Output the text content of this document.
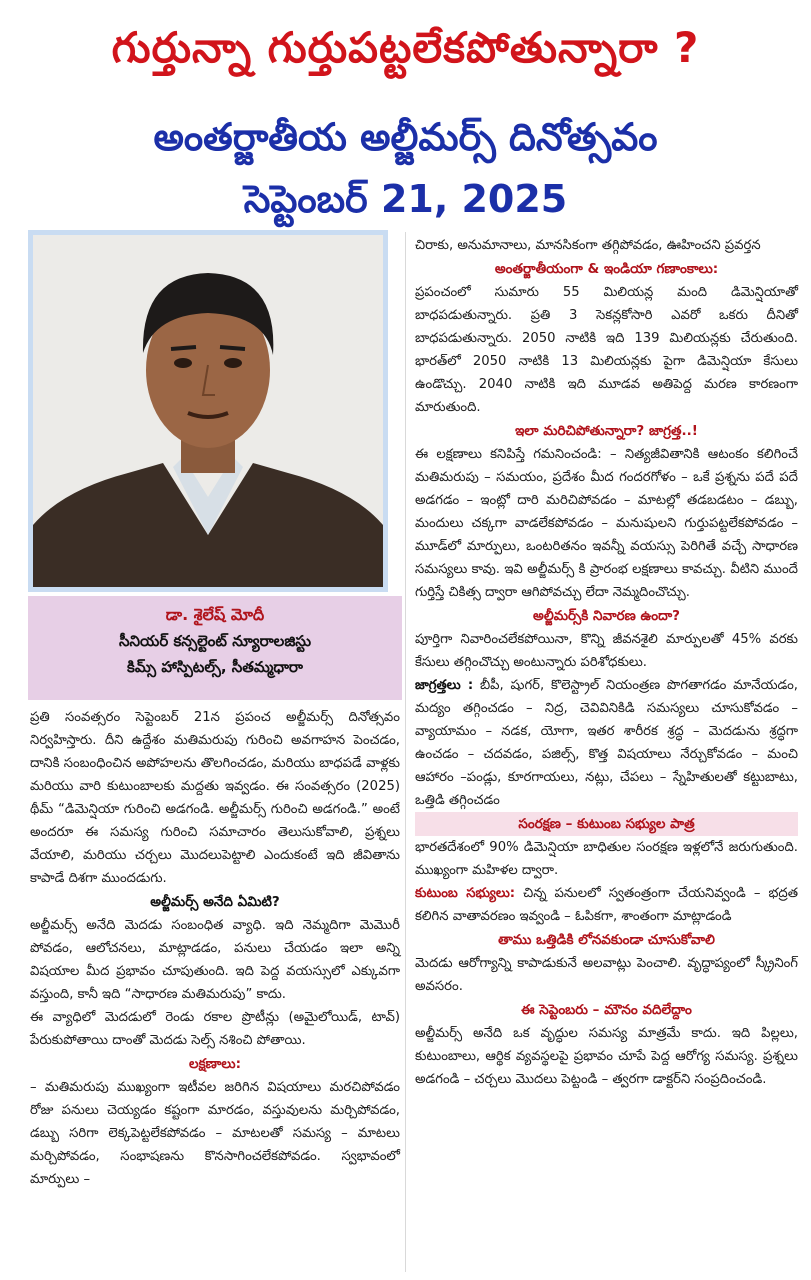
గుర్తున్నా గుర్తుపట్టలేకపోతున్నారా ?
అంతర్జాతీయ అల్జీమర్స్ దినోత్సవం
సెప్టెంబర్ 21, 2025
డా. శైలేష్ మోదీ
సీనియర్ కన్సల్టెంట్ న్యూరాలజిస్టు
కిమ్స్ హాస్పిటల్స్, సీతమ్మధారా

ప్రతి సంవత్సరం సెప్టెంబర్ 21న ప్రపంచ అల్జీమర్స్ దినోత్సవం నిర్వహిస్తారు. దీని ఉద్దేశం మతిమరుపు గురించి అవగాహన పెంచడం, దానికి సంబంధించిన అపోహలను తొలగించడం, మరియు బాధపడే వాళ్లకు మరియు వారి కుటుంబాలకు మద్దతు ఇవ్వడం. ఈ సంవత్సరం (2025) థీమ్ “డిమెన్షియా గురించి అడగండి. అల్జీమర్స్ గురించి అడగండి.” అంటే అందరూ ఈ సమస్య గురించి సమాచారం తెలుసుకోవాలి, ప్రశ్నలు వేయాలి, మరియు చర్చలు మొదలుపెట్టాలి ఎందుకంటే ఇది జీవితాను కాపాడే దిశగా ముందడుగు.

అల్జీమర్స్ అనేది ఏమిటి?

అల్జీమర్స్ అనేది మెదడు సంబంధిత వ్యాధి. ఇది నెమ్మదిగా మెమొరీ పోవడం, ఆలోచనలు, మాట్లాడడం, పనులు చేయడం ఇలా అన్ని విషయాల మీద ప్రభావం చూపుతుంది. ఇది పెద్ద వయస్సులో ఎక్కువగా వస్తుంది, కానీ ఇది “సాధారణ మతిమరుపు” కాదు.

ఈ వ్యాధిలో మెదడులో రెండు రకాల ప్రొటీన్లు (అమైలోయిడ్, టావ్) పేరుకుపోతాయి దాంతో మెదడు సెల్స్ నశించి పోతాయి.

లక్షణాలు:

– మతిమరుపు ముఖ్యంగా ఇటీవల జరిగిన విషయాలు మరచిపోవడం రోజు పనులు చెయ్యడం కష్టంగా మారడం, వస్తువులను మర్చిపోవడం, డబ్బు సరిగా లెక్కపెట్టలేకపోవడం – మాటలతో సమస్య – మాటలు మర్చిపోవడం, సంభాషణను కొనసాగించలేకపోవడం. స్వభావంలో మార్పులు –

చిరాకు, అనుమానాలు, మానసికంగా తగ్గిపోవడం, ఊహించని ప్రవర్తన

అంతర్జాతీయంగా & ఇండియా గణాంకాలు:

ప్రపంచంలో సుమారు 55 మిలియన్ల మంది డిమెన్షియాతో బాధపడుతున్నారు. ప్రతి 3 సెకన్లకోసారి ఎవరో ఒకరు దీనితో బాధపడుతున్నారు. 2050 నాటికి ఇది 139 మిలియన్లకు చేరుతుంది. భారత్‌లో 2050 నాటికి 13 మిలియన్లకు పైగా డిమెన్షియా కేసులు ఉండొచ్చు. 2040 నాటికి ఇది మూడవ అతిపెద్ద మరణ కారణంగా మారుతుంది.

ఇలా మరిచిపోతున్నారా? జాగ్రత్త..!

ఈ లక్షణాలు కనిపిస్తే గమనించండి: – నిత్యజీవితానికి ఆటంకం కలిగించే మతిమరుపు – సమయం, ప్రదేశం మీద గందరగోళం – ఒకే ప్రశ్నను పదే పదే అడగడం – ఇంట్లో దారి మరిచిపోవడం – మాటల్లో తడబడటం – డబ్బు, మందులు చక్కగా వాడలేకపోవడం – మనుషులని గుర్తుపట్టలేకపోవడం – మూడ్‌లో మార్పులు, ఒంటరితనం ఇవన్నీ వయస్సు పెరిగితే వచ్చే సాధారణ సమస్యలు కావు. ఇవి అల్జీమర్స్ కి ప్రారంభ లక్షణాలు కావచ్చు. వీటిని ముందే గుర్తిస్తే చికిత్స ద్వారా ఆగిపోవచ్చు లేదా నెమ్మదించొచ్చు.

అల్జీమర్స్‌కి నివారణ ఉందా?

పూర్తిగా నివారించలేకపోయినా, కొన్ని జీవనశైలి మార్పులతో 45% వరకు కేసులు తగ్గించొచ్చు అంటున్నారు పరిశోధకులు.

జాగ్రత్తలు : బీపీ, షుగర్, కొలెస్ట్రాల్ నియంత్రణ పొగతాగడం మానేయడం, మద్యం తగ్గించడం – నిద్ర, చెవివినికిడి సమస్యలు చూసుకోవడం – వ్యాయామం – నడక, యోగా, ఇతర శారీరక శ్రద్ధ – మెదడును శ్రద్ధగా ఉంచడం – చదవడం, పజిల్స్, కొత్త విషయాలు నేర్చుకోవడం – మంచి ఆహారం –పండ్లు, కూరగాయలు, నట్లు, చేపలు – స్నేహితులతో కట్టుబాటు, ఒత్తిడి తగ్గించడం

సంరక్షణ – కుటుంబ సభ్యుల పాత్ర

భారతదేశంలో 90% డిమెన్షియా బాధితుల సంరక్షణ ఇళ్లలోనే జరుగుతుంది. ముఖ్యంగా మహిళల ద్వారా.

కుటుంబ సభ్యులు: చిన్న పనులలో స్వతంత్రంగా చేయనివ్వండి – భద్రత కలిగిన వాతావరణం ఇవ్వండి – ఓపికగా, శాంతంగా మాట్లాడండి

తాము ఒత్తిడికి లోనవకుండా చూసుకోవాలి

మెదడు ఆరోగ్యాన్ని కాపాడుకునే అలవాట్లు పెంచాలి. వృద్ధాప్యంలో స్క్రీనింగ్ అవసరం.

ఈ సెప్టెంబరు – మౌనం వదిలేద్దాం

అల్జీమర్స్ అనేది ఒక వృద్ధుల సమస్య మాత్రమే కాదు. ఇది పిల్లలు, కుటుంబాలు, ఆర్థిక వ్యవస్థలపై ప్రభావం చూపే పెద్ద ఆరోగ్య సమస్య. ప్రశ్నలు అడగండి – చర్చలు మొదలు పెట్టండి – త్వరగా డాక్టర్‌ని సంప్రదించండి.
